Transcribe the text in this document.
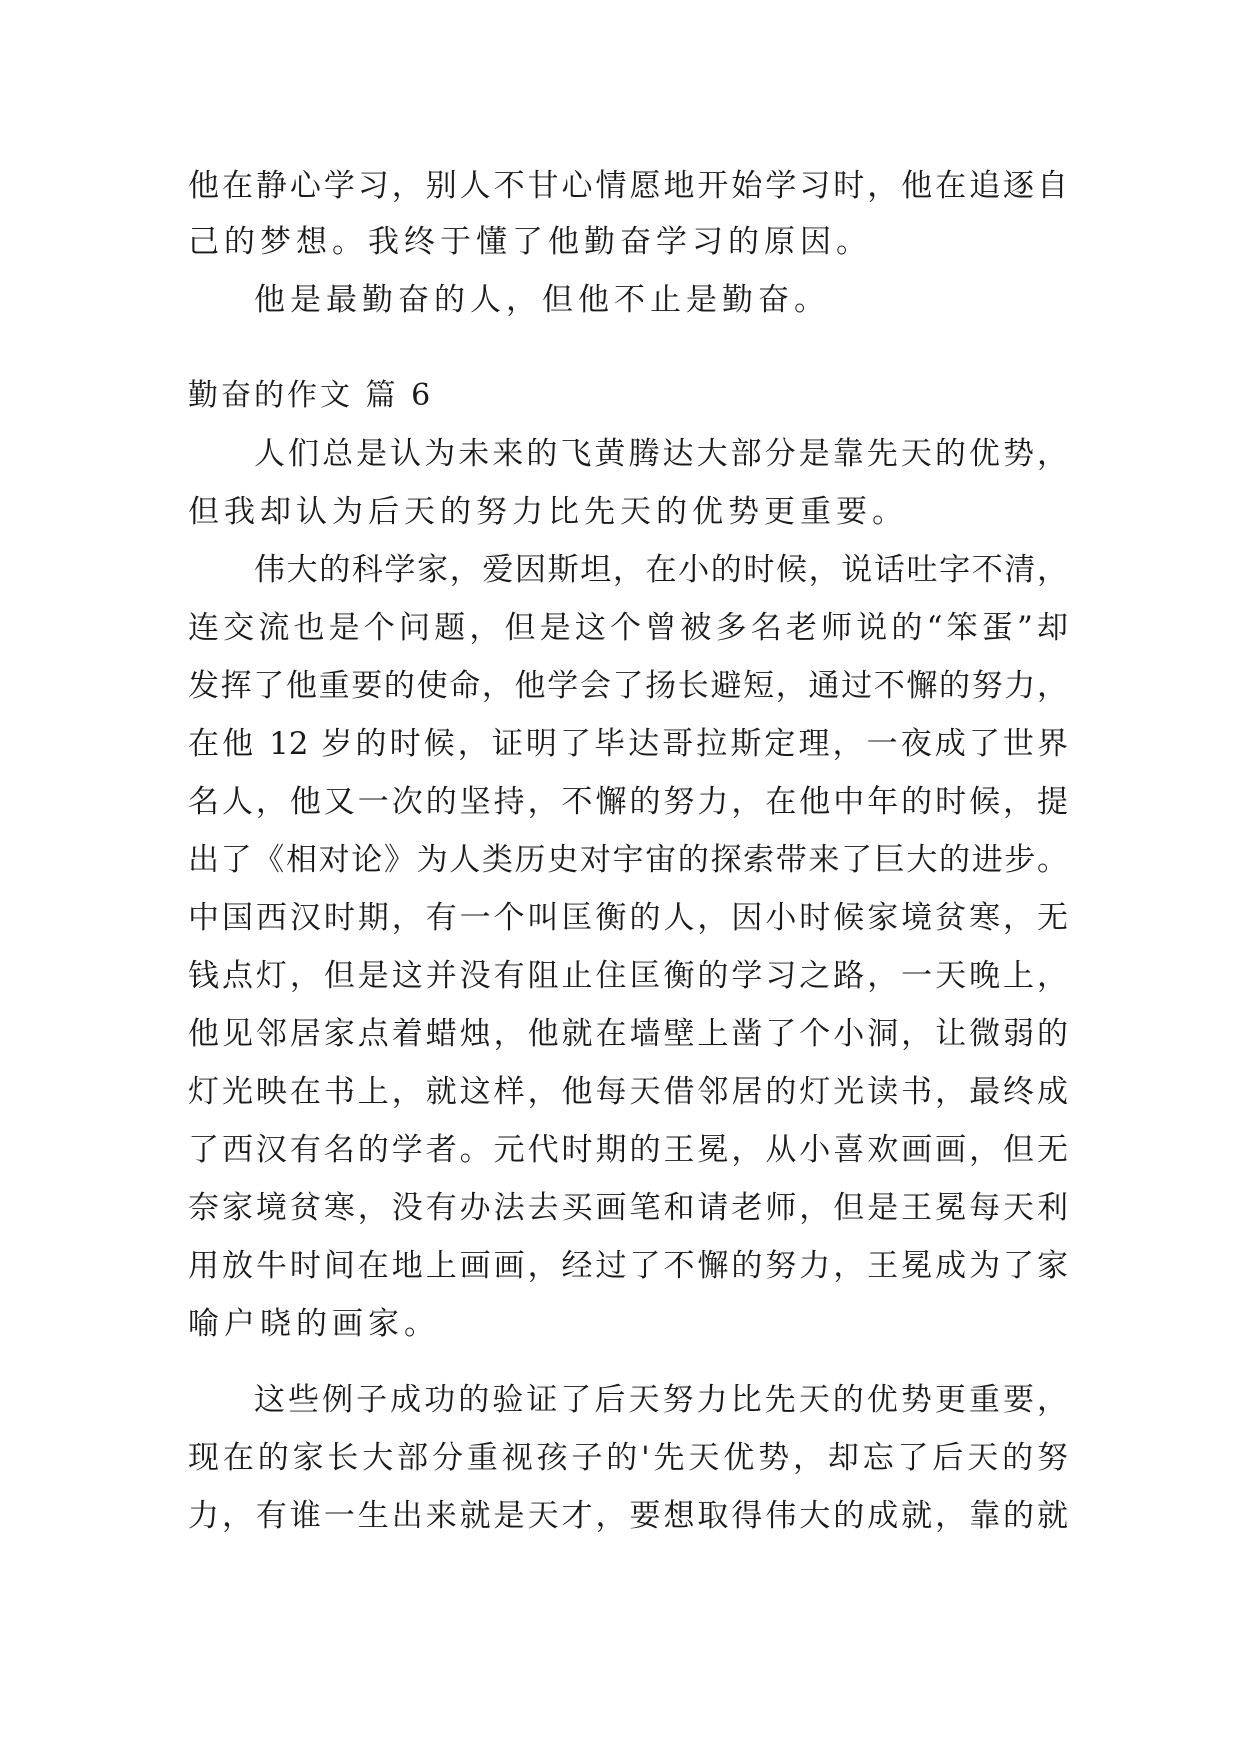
他在静心学习，别人不甘心情愿地开始学习时，他在追逐自
己的梦想。我终于懂了他勤奋学习的原因。
他是最勤奋的人，但他不止是勤奋。
勤奋的作文 篇 6
人们总是认为未来的飞黄腾达大部分是靠先天的优势，
但我却认为后天的努力比先天的优势更重要。
伟大的科学家，爱因斯坦，在小的时候，说话吐字不清，
连交流也是个问题，但是这个曾被多名老师说的“笨蛋”却
发挥了他重要的使命，他学会了扬长避短，通过不懈的努力，
在他 12 岁的时候，证明了毕达哥拉斯定理，一夜成了世界
名人，他又一次的坚持，不懈的努力，在他中年的时候，提
出了《相对论》为人类历史对宇宙的探索带来了巨大的进步。
中国西汉时期，有一个叫匡衡的人，因小时候家境贫寒，无
钱点灯，但是这并没有阻止住匡衡的学习之路，一天晚上，
他见邻居家点着蜡烛，他就在墙壁上凿了个小洞，让微弱的
灯光映在书上，就这样，他每天借邻居的灯光读书，最终成
了西汉有名的学者。元代时期的王冕，从小喜欢画画，但无
奈家境贫寒，没有办法去买画笔和请老师，但是王冕每天利
用放牛时间在地上画画，经过了不懈的努力，王冕成为了家
喻户晓的画家。
这些例子成功的验证了后天努力比先天的优势更重要，
现在的家长大部分重视孩子的'先天优势，却忘了后天的努
力，有谁一生出来就是天才，要想取得伟大的成就，靠的就
